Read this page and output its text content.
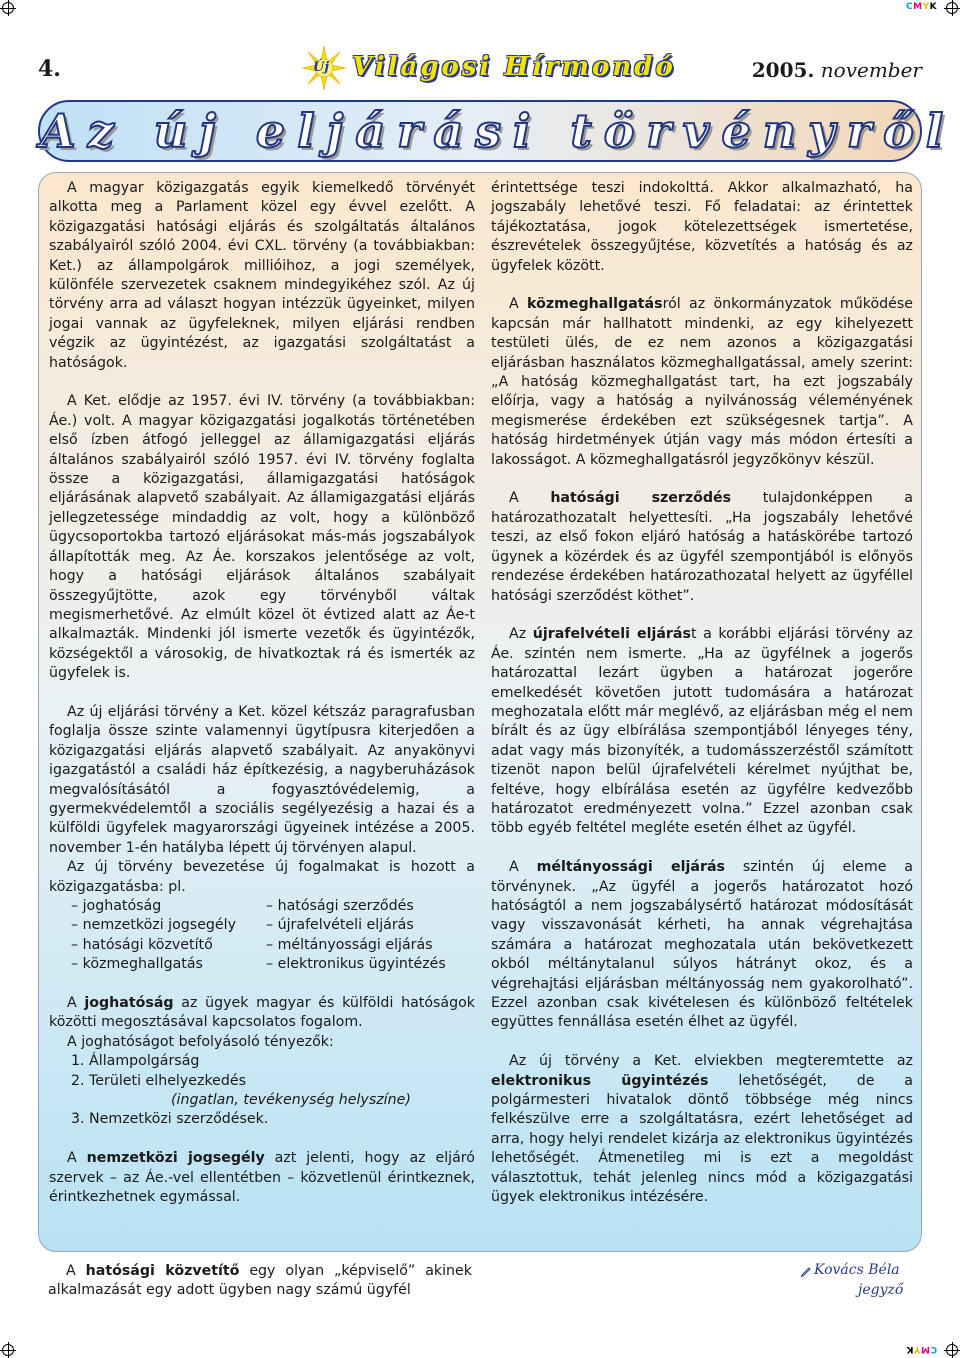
CMYK
CMYK
4.	Új Világosi Hírmondó	2005. november
Az új eljárási törvényről

A magyar közigazgatás egyik kiemelkedő törvényét alkotta meg a Parlament közel egy évvel ezelőtt. A közigazgatási hatósági eljárás és szolgáltatás általános szabályairól szóló 2004. évi CXL. törvény (a továbbiakban: Ket.) az állampolgárok millióihoz, a jogi személyek, különféle szervezetek csaknem mindegyikéhez szól. Az új törvény arra ad választ hogyan intézzük ügyeinket, milyen jogai vannak az ügyfeleknek, milyen eljárási rendben végzik az ügyintézést, az igazgatási szolgáltatást a hatóságok.

A Ket. elődje az 1957. évi IV. törvény (a továbbiakban: Áe.) volt. A magyar közigazgatási jogalkotás történetében első ízben átfogó jelleggel az államigazgatási eljárás általános szabályairól szóló 1957. évi IV. törvény foglalta össze a közigazgatási, államigazgatási hatóságok eljárásának alapvető szabályait. Az államigazgatási eljárás jellegzetessége mindaddig az volt, hogy a különböző ügycsoportokba tartozó eljárásokat más-más jogszabályok állapították meg. Az Áe. korszakos jelentősége az volt, hogy a hatósági eljárások általános szabályait összegyűjtötte, azok egy törvényből váltak megismerhetővé. Az elmúlt közel öt évtized alatt az Áe-t alkalmazták. Mindenki jól ismerte vezetők és ügyintézők, községektől a városokig, de hivatkoztak rá és ismerték az ügyfelek is.

Az új eljárási törvény a Ket. közel kétszáz paragrafusban foglalja össze szinte valamennyi ügytípusra kiterjedően a közigazgatási eljárás alapvető szabályait. Az anyakönyvi igazgatástól a családi ház építkezésig, a nagyberuházások megvalósításától a fogyasztóvédelemig, a gyermekvédelemtől a szociális segélyezésig a hazai és a külföldi ügyfelek magyarországi ügyeinek intézése a 2005. november 1-én hatályba lépett új törvényen alapul.

Az új törvény bevezetése új fogalmakat is hozott a közigazgatásba: pl.

– joghatóság	– hatósági szerződés
– nemzetközi jogsegély	– újrafelvételi eljárás
– hatósági közvetítő	– méltányossági eljárás
– közmeghallgatás	– elektronikus ügyintézés

A joghatóság az ügyek magyar és külföldi hatóságok közötti megosztásával kapcsolatos fogalom.

A joghatóságot befolyásoló tényezők:

1. Állampolgárság
2. Területi elhelyezkedés
(ingatlan, tevékenység helyszíne)
3. Nemzetközi szerződések.

A nemzetközi jogsegély azt jelenti, hogy az eljáró szervek – az Áe.-vel ellentétben – közvetlenül érintkeznek, érintkezhetnek egymással.

érintettsége teszi indokolttá. Akkor alkalmazható, ha jogszabály lehetővé teszi. Fő feladatai: az érintettek tájékoztatása, jogok kötelezettségek ismertetése, észrevételek összegyűjtése, közvetítés a hatóság és az ügyfelek között.

A közmeghallgatásról az önkormányzatok működése kapcsán már hallhatott mindenki, az egy kihelyezett testületi ülés, de ez nem azonos a közigazgatási eljárásban használatos közmeghallgatással, amely szerint: „A hatóság közmeghallgatást tart, ha ezt jogszabály előírja, vagy a hatóság a nyilvánosság véleményének megismerése érdekében ezt szükségesnek tartja”. A hatóság hirdetmények útján vagy más módon értesíti a lakosságot. A közmeghallgatásról jegyzőkönyv készül.

A hatósági szerződés tulajdonképpen a határozathozatalt helyettesíti. „Ha jogszabály lehetővé teszi, az első fokon eljáró hatóság a hatáskörébe tartozó ügynek a közérdek és az ügyfél szempontjából is előnyös rendezése érdekében határozathozatal helyett az ügyféllel hatósági szerződést köthet”.

Az újrafelvételi eljárást a korábbi eljárási törvény az Áe. szintén nem ismerte. „Ha az ügyfélnek a jogerős határozattal lezárt ügyben a határozat jogerőre emelkedését követően jutott tudomására a határozat meghozatala előtt már meglévő, az eljárásban még el nem bírált és az ügy elbírálása szempontjából lényeges tény, adat vagy más bizonyíték, a tudomásszerzéstől számított tizenöt napon belül újrafelvételi kérelmet nyújthat be, feltéve, hogy elbírálása esetén az ügyfélre kedvezőbb határozatot eredményezett volna.” Ezzel azonban csak több egyéb feltétel megléte esetén élhet az ügyfél.

A méltányossági eljárás szintén új eleme a törvénynek. „Az ügyfél a jogerős határozatot hozó hatóságtól a nem jogszabálysértő határozat módosítását vagy visszavonását kérheti, ha annak végrehajtása számára a határozat meghozatala után bekövetkezett okból méltánytalanul súlyos hátrányt okoz, és a végrehajtási eljárásban méltányosság nem gyakorolható”. Ezzel azonban csak kivételesen és különböző feltételek együttes fennállása esetén élhet az ügyfél.

Az új törvény a Ket. elviekben megteremtette az elektronikus ügyintézés lehetőségét, de a polgármesteri hivatalok döntő többsége még nincs felkészülve erre a szolgáltatásra, ezért lehetőséget ad arra, hogy helyi rendelet kizárja az elektronikus ügyintézés lehetőségét. Átmenetileg mi is ezt a megoldást választottuk, tehát jelenleg nincs mód a közigazgatási ügyek elektronikus intézésére.

A hatósági közvetítő egy olyan „képviselő” akinek alkalmazását egy adott ügyben nagy számú ügyfél
Kovács Béla
jegyző
